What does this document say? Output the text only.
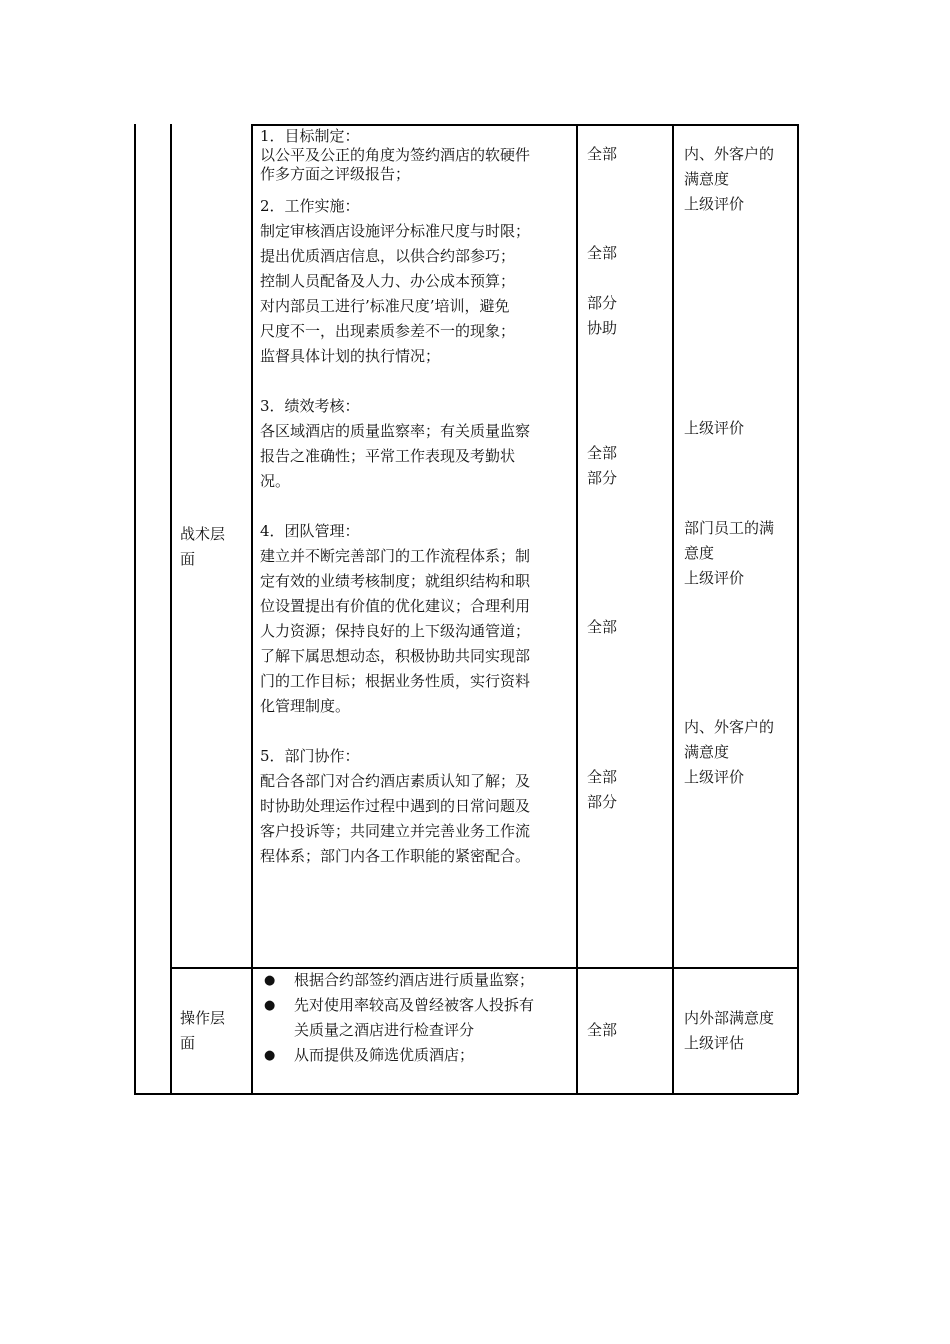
战术层面

1．目标制定：

以公平及公正的角度为签约酒店的软硬件

作多方面之评级报告；

2．工作实施：

制定审核酒店设施评分标准尺度与时限；

提出优质酒店信息，以供合约部参巧；

控制人员配备及人力、办公成本预算；

对内部员工进行’标准尺度’培训，避免

尺度不一，出现素质参差不一的现象；

监督具体计划的执行情况；

3．绩效考核：

各区域酒店的质量监察率；有关质量监察

报告之准确性；平常工作表现及考勤状

况。

4．团队管理：

建立并不断完善部门的工作流程体系；制

定有效的业绩考核制度；就组织结构和职

位设置提出有价值的优化建议；合理利用

人力资源；保持良好的上下级沟通管道；

了解下属思想动态，积极协助共同实现部

门的工作目标；根据业务性质，实行资料

化管理制度。

5．部门协作：

配合各部门对合约酒店素质认知了解；及

时协助处理运作过程中遇到的日常问题及

客户投诉等；共同建立并完善业务工作流

程体系；部门内各工作职能的紧密配合。

全部

全部

部分

协助

全部

部分

全部

全部

部分

内、外客户的

满意度

上级评价

上级评价

部门员工的满

意度

上级评价

内、外客户的

满意度

上级评价

操作层面

● 根据合约部签约酒店进行质量监察；

● 先对使用率较高及曾经被客人投拆有

关质量之酒店进行检查评分

● 从而提供及筛选优质酒店；

全部

内外部满意度

上级评估
